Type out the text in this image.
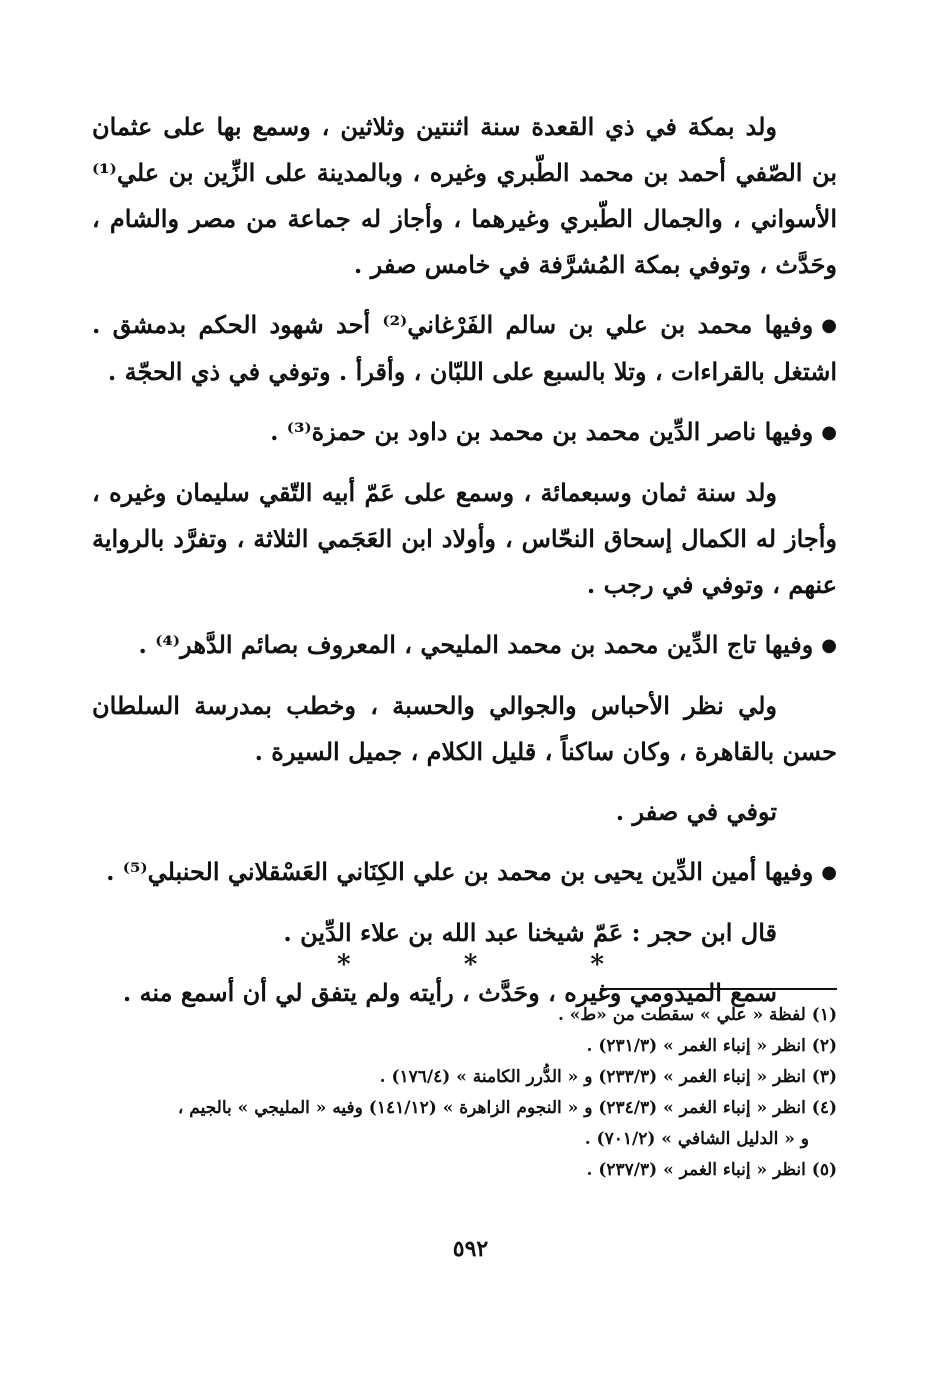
ولد بمكة في ذي القعدة سنة اثنتين وثلاثين ، وسمع بها على عثمان بن الصّفي أحمد بن محمد الطّبري وغيره ، وبالمدينة على الزِّين بن علي⁽¹⁾ الأسواني ، والجمال الطّبري وغيرهما ، وأجاز له جماعة من مصر والشام ، وحَدَّث ، وتوفي بمكة المُشرَّفة في خامس صفر .

●وفيها محمد بن علي بن سالم الفَرْغاني⁽²⁾ أحد شهود الحكم بدمشق . اشتغل بالقراءات ، وتلا بالسبع على اللبّان ، وأقرأ . وتوفي في ذي الحجّة .

●وفيها ناصر الدِّين محمد بن محمد بن داود بن حمزة⁽³⁾ .

ولد سنة ثمان وسبعمائة ، وسمع على عَمّ أبيه التّقي سليمان وغيره ، وأجاز له الكمال إسحاق النحّاس ، وأولاد ابن العَجَمي الثلاثة ، وتفرَّد بالرواية عنهم ، وتوفي في رجب .

●وفيها تاج الدِّين محمد بن محمد المليحي ، المعروف بصائم الدَّهر⁽⁴⁾ .

ولي نظر الأحباس والجوالي والحسبة ، وخطب بمدرسة السلطان حسن بالقاهرة ، وكان ساكناً ، قليل الكلام ، جميل السيرة .

توفي في صفر .

●وفيها أمين الدِّين يحيى بن محمد بن علي الكِنَاني العَسْقلاني الحنبلي⁽⁵⁾ .

قال ابن حجر : عَمّ شيخنا عبد الله بن علاء الدِّين .

سمع الميدومي وغيره ، وحَدَّث ، رأيته ولم يتفق لي أن أسمع منه .

* * *

(١) لفظة « علي » سقطت من «ط» .

(٢) انظر « إنباء الغمر » (٢٣١/٣) .

(٣) انظر « إنباء الغمر » (٢٣٣/٣) و « الدُّرر الكامنة » (١٧٦/٤) .

(٤) انظر « إنباء الغمر » (٢٣٤/٣) و « النجوم الزاهرة » (١٤١/١٢) وفيه « المليجي » بالجيم ،

و « الدليل الشافي » (٧٠١/٢) .

(٥) انظر « إنباء الغمر » (٢٣٧/٣) .

٥٩٢
